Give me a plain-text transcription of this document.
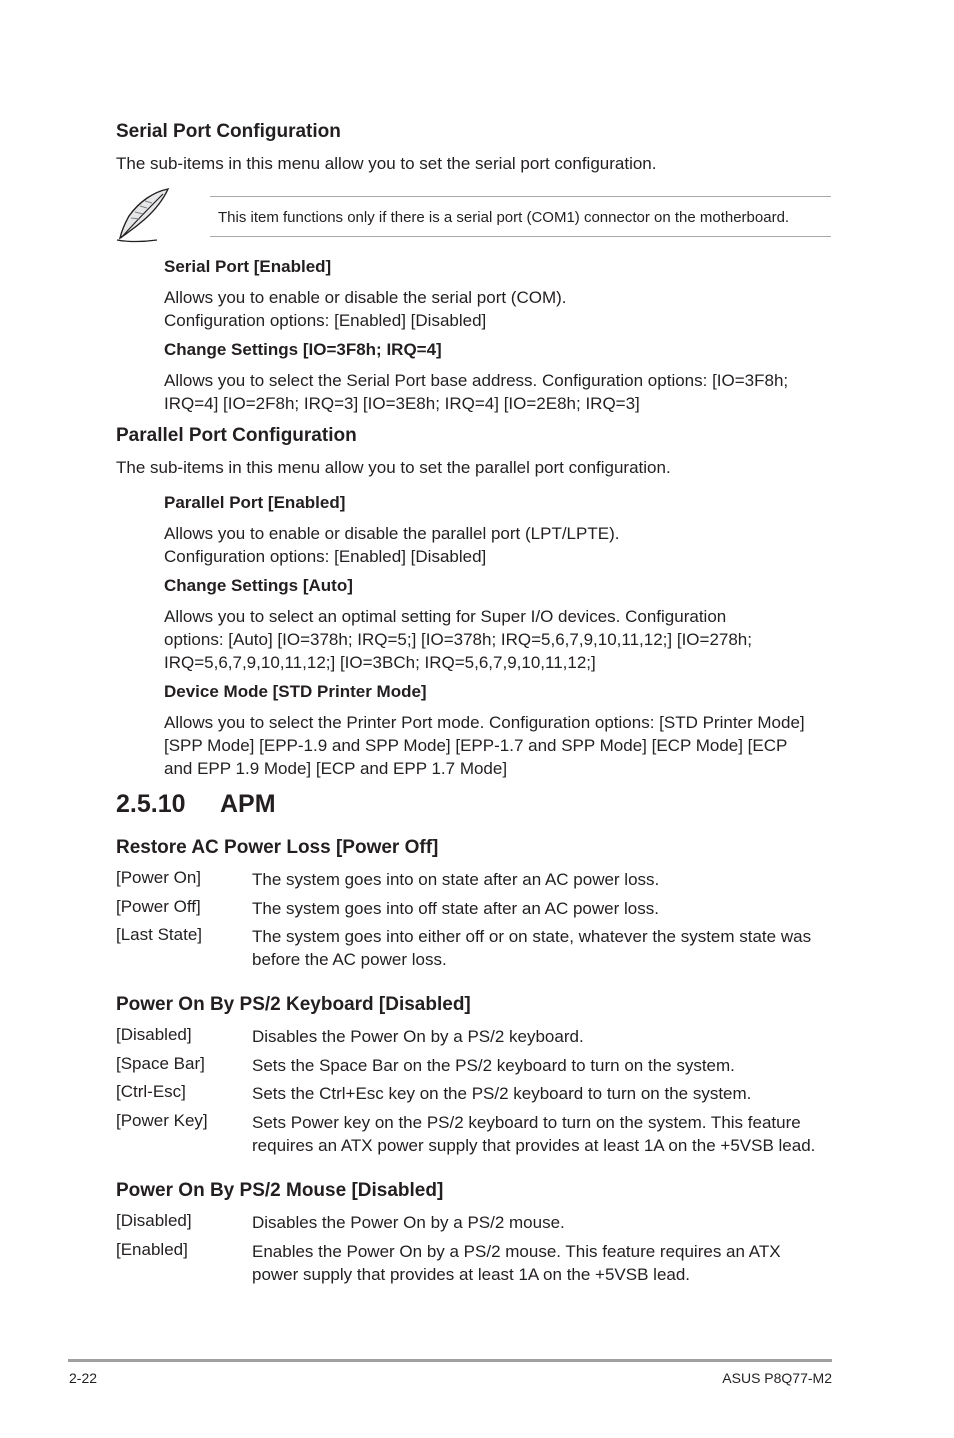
Serial Port Configuration
The sub-items in this menu allow you to set the serial port configuration.
This item functions only if there is a serial port (COM1) connector on the motherboard.
Serial Port [Enabled]
Allows you to enable or disable the serial port (COM).
Configuration options: [Enabled] [Disabled]
Change Settings [IO=3F8h; IRQ=4]
Allows you to select the Serial Port base address. Configuration options: [IO=3F8h;
IRQ=4] [IO=2F8h; IRQ=3] [IO=3E8h; IRQ=4] [IO=2E8h; IRQ=3]
Parallel Port Configuration
The sub-items in this menu allow you to set the parallel port configuration.
Parallel Port [Enabled]
Allows you to enable or disable the parallel port (LPT/LPTE).
Configuration options: [Enabled] [Disabled]
Change Settings [Auto]
Allows you to select an optimal setting for Super I/O devices. Configuration
options: [Auto] [IO=378h; IRQ=5;] [IO=378h; IRQ=5,6,7,9,10,11,12;] [IO=278h;
IRQ=5,6,7,9,10,11,12;] [IO=3BCh; IRQ=5,6,7,9,10,11,12;]
Device Mode [STD Printer Mode]
Allows you to select the Printer Port mode. Configuration options: [STD Printer Mode]
[SPP Mode] [EPP-1.9 and SPP Mode] [EPP-1.7 and SPP Mode] [ECP Mode] [ECP
and EPP 1.9 Mode] [ECP and EPP 1.7 Mode]
2.5.10 APM
Restore AC Power Loss [Power Off]
[Power On]	The system goes into on state after an AC power loss.
[Power Off]	The system goes into off state after an AC power loss.
[Last State]	The system goes into either off or on state, whatever the system state was
before the AC power loss.
Power On By PS/2 Keyboard [Disabled]
[Disabled]	Disables the Power On by a PS/2 keyboard.
[Space Bar]	Sets the Space Bar on the PS/2 keyboard to turn on the system.
[Ctrl-Esc]	Sets the Ctrl+Esc key on the PS/2 keyboard to turn on the system.
[Power Key]	Sets Power key on the PS/2 keyboard to turn on the system. This feature
requires an ATX power supply that provides at least 1A on the +5VSB lead.
Power On By PS/2 Mouse [Disabled]
[Disabled]	Disables the Power On by a PS/2 mouse.
[Enabled]	Enables the Power On by a PS/2 mouse. This feature requires an ATX
power supply that provides at least 1A on the +5VSB lead.
2-22	ASUS P8Q77-M2
